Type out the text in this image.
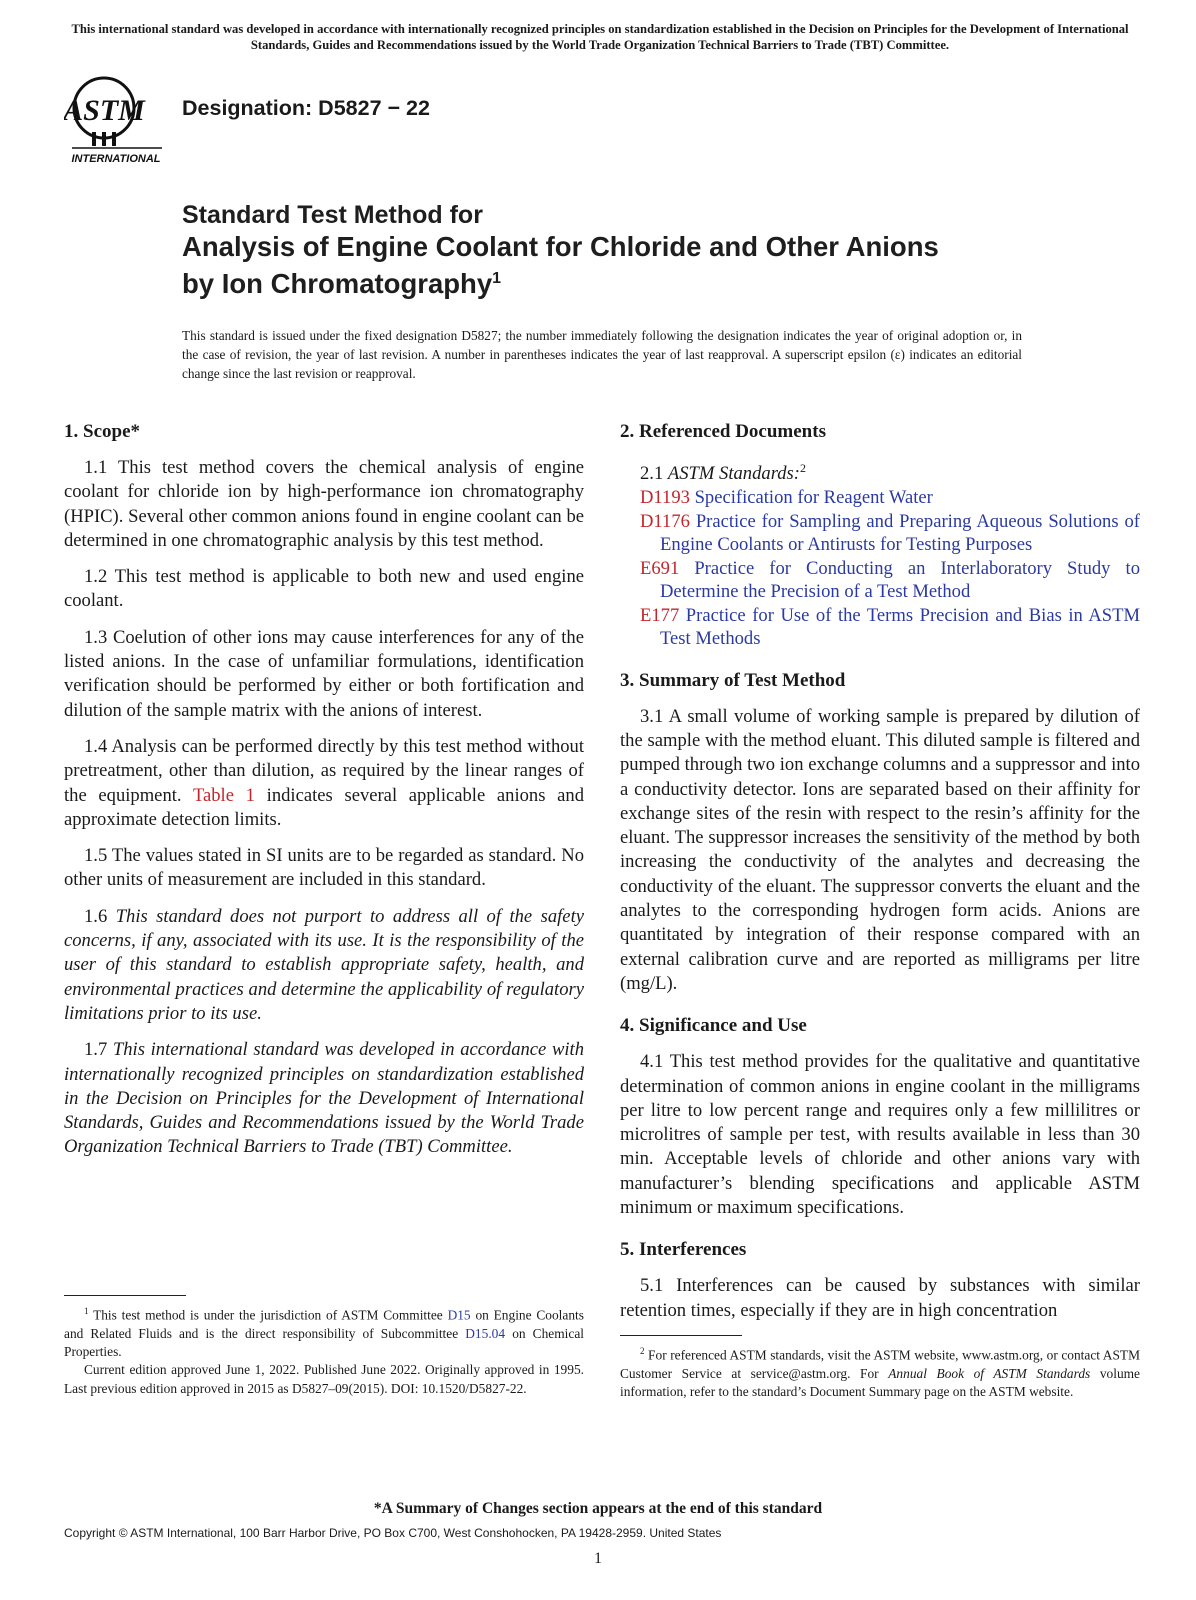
This international standard was developed in accordance with internationally recognized principles on standardization established in the Decision on Principles for the Development of International Standards, Guides and Recommendations issued by the World Trade Organization Technical Barriers to Trade (TBT) Committee.
ASTM
INTERNATIONAL
Designation: D5827 − 22
Standard Test Method for
Analysis of Engine Coolant for Chloride and Other Anions
by Ion Chromatography$^1$
This standard is issued under the fixed designation D5827; the number immediately following the designation indicates the year of original adoption or, in the case of revision, the year of last revision. A number in parentheses indicates the year of last reapproval. A superscript epsilon (ε) indicates an editorial change since the last revision or reapproval.
1. Scope*

1.1 This test method covers the chemical analysis of engine coolant for chloride ion by high-performance ion chromatography (HPIC). Several other common anions found in engine coolant can be determined in one chromatographic analysis by this test method.

1.2 This test method is applicable to both new and used engine coolant.

1.3 Coelution of other ions may cause interferences for any of the listed anions. In the case of unfamiliar formulations, identification verification should be performed by either or both fortification and dilution of the sample matrix with the anions of interest.

1.4 Analysis can be performed directly by this test method without pretreatment, other than dilution, as required by the linear ranges of the equipment. Table 1 indicates several applicable anions and approximate detection limits.

1.5 The values stated in SI units are to be regarded as standard. No other units of measurement are included in this standard.

1.6 This standard does not purport to address all of the safety concerns, if any, associated with its use. It is the responsibility of the user of this standard to establish appropriate safety, health, and environmental practices and determine the applicability of regulatory limitations prior to its use.

1.7 This international standard was developed in accordance with internationally recognized principles on standardization established in the Decision on Principles for the Development of International Standards, Guides and Recommendations issued by the World Trade Organization Technical Barriers to Trade (TBT) Committee.

2. Referenced Documents
2.1 ASTM Standards:$^2$
D1193 Specification for Reagent Water
D1176 Practice for Sampling and Preparing Aqueous Solutions of Engine Coolants or Antirusts for Testing Purposes
E691 Practice for Conducting an Interlaboratory Study to Determine the Precision of a Test Method
E177 Practice for Use of the Terms Precision and Bias in ASTM Test Methods
3. Summary of Test Method

3.1 A small volume of working sample is prepared by dilution of the sample with the method eluant. This diluted sample is filtered and pumped through two ion exchange columns and a suppressor and into a conductivity detector. Ions are separated based on their affinity for exchange sites of the resin with respect to the resin’s affinity for the eluant. The suppressor increases the sensitivity of the method by both increasing the conductivity of the analytes and decreasing the conductivity of the eluant. The suppressor converts the eluant and the analytes to the corresponding hydrogen form acids. Anions are quantitated by integration of their response compared with an external calibration curve and are reported as milligrams per litre (mg/L).

4. Significance and Use

4.1 This test method provides for the qualitative and quantitative determination of common anions in engine coolant in the milligrams per litre to low percent range and requires only a few millilitres or microlitres of sample per test, with results available in less than 30 min. Acceptable levels of chloride and other anions vary with manufacturer’s blending specifications and applicable ASTM minimum or maximum specifications.

5. Interferences

5.1 Interferences can be caused by substances with similar retention times, especially if they are in high concentration

$^1$ This test method is under the jurisdiction of ASTM Committee D15 on Engine Coolants and Related Fluids and is the direct responsibility of Subcommittee D15.04 on Chemical Properties.
Current edition approved June 1, 2022. Published June 2022. Originally approved in 1995. Last previous edition approved in 2015 as D5827–09(2015). DOI: 10.1520/D5827-22.
$^2$ For referenced ASTM standards, visit the ASTM website, www.astm.org, or contact ASTM Customer Service at service@astm.org. For Annual Book of ASTM Standards volume information, refer to the standard’s Document Summary page on the ASTM website.
*A Summary of Changes section appears at the end of this standard
Copyright © ASTM International, 100 Barr Harbor Drive, PO Box C700, West Conshohocken, PA 19428-2959. United States
1
